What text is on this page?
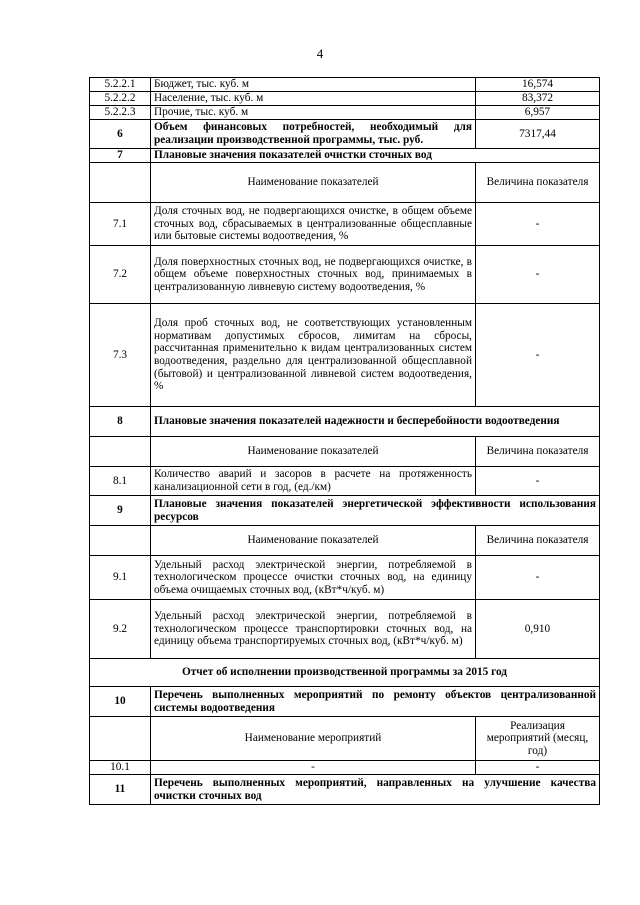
4
5.2.2.1	Бюджет, тыс. куб. м	16,574
5.2.2.2	Население, тыс. куб. м	83,372
5.2.2.3	Прочие, тыс. куб. м	6,957
6	Объем финансовых потребностей, необходимый для реализации производственной программы, тыс. руб.	7317,44
7	Плановые значения показателей очистки сточных вод	
	Наименование показателей	Величина показателя
7.1	Доля сточных вод, не подвергающихся очистке, в общем объеме сточных вод, сбрасываемых в централизованные общесплавные или бытовые системы водоотведения, %	-
7.2	Доля поверхностных сточных вод, не подвергающихся очистке, в общем объеме поверхностных сточных вод, принимаемых в централизованную ливневую систему водоотведения, %	-
7.3	Доля проб сточных вод, не соответствующих установленным нормативам допустимых сбросов, лимитам на сбросы, рассчитанная применительно к видам централизованных систем водоотведения, раздельно для централизованной общесплавной (бытовой) и централизованной ливневой систем водоотведения, %	-
8	Плановые значения показателей надежности и бесперебойности водоотведения	
	Наименование показателей	Величина показателя
8.1	Количество аварий и засоров в расчете на протяженность канализационной сети в год, (ед./км)	-
9	Плановые значения показателей энергетической эффективности использования ресурсов	
	Наименование показателей	Величина показателя
9.1	Удельный расход электрической энергии, потребляемой в технологическом процессе очистки сточных вод, на единицу объема очищаемых сточных вод, (кВт*ч/куб. м)	-
9.2	Удельный расход электрической энергии, потребляемой в технологическом процессе транспортировки сточных вод, на единицу объема транспортируемых сточных вод, (кВт*ч/куб. м)	0,910
Отчет об исполнении производственной программы за 2015 год		
10	Перечень выполненных мероприятий по ремонту объектов централизованной системы водоотведения	
	Наименование мероприятий	Реализация мероприятий (месяц, год)
10.1	-	-
11	Перечень выполненных мероприятий, направленных на улучшение качества очистки сточных вод	
